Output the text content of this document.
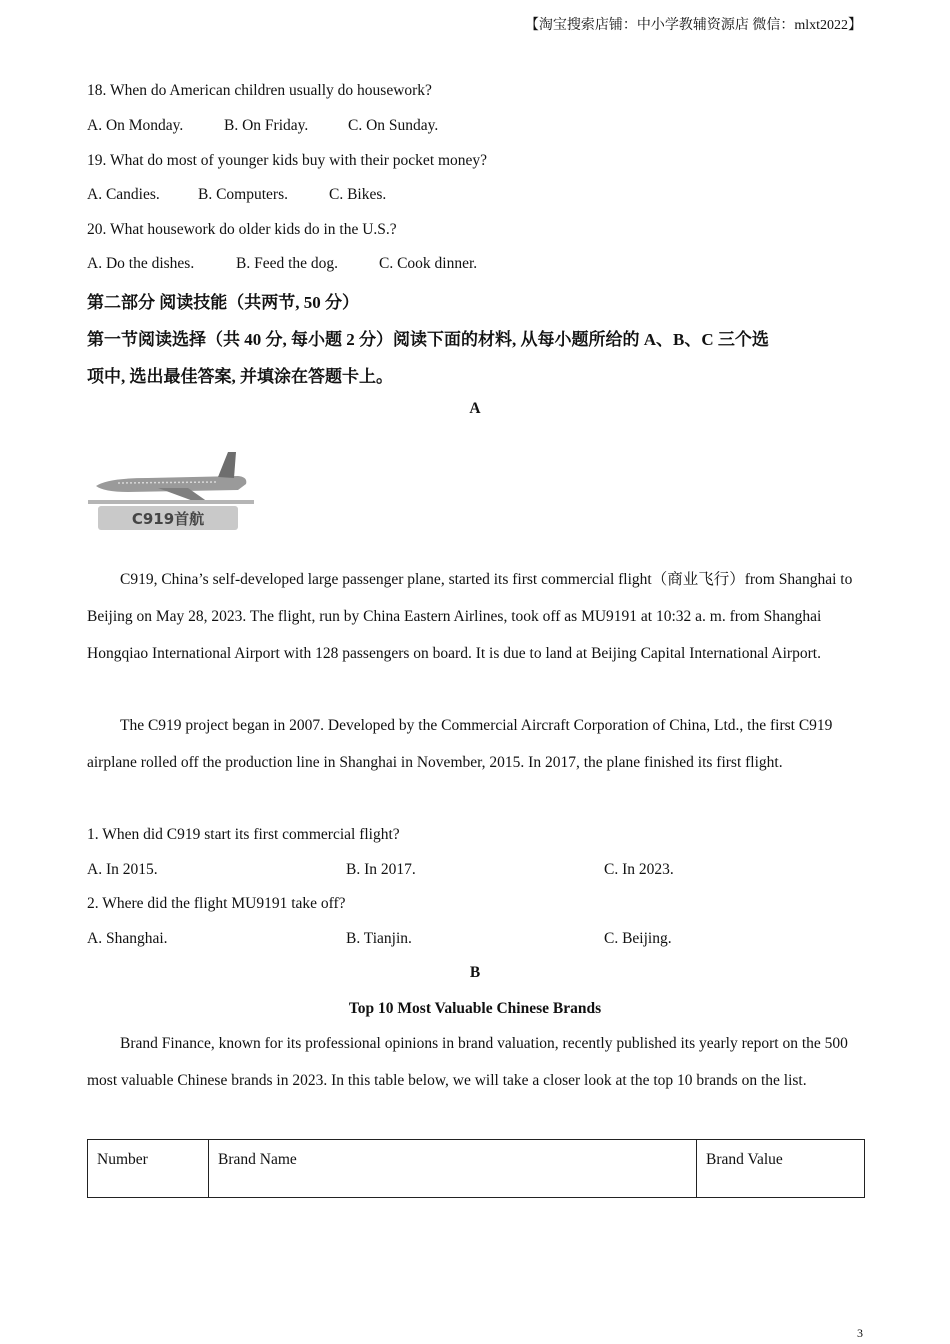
【淘宝搜索店铺：中小学教辅资源店 微信：mlxt2022】
18. When do American children usually do housework?
A. On Monday.	B. On Friday.	C. On Sunday.
19. What do most of younger kids buy with their pocket money?
A. Candies. B. Computers.	C. Bikes.
20. What housework do older kids do in the U.S.?
A. Do the dishes.	B. Feed the dog.	C. Cook dinner.
第二部分 阅读技能（共两节, 50 分）
第一节阅读选择（共 40 分, 每小题 2 分）阅读下面的材料, 从每小题所给的 A、B、C 三个选
项中, 选出最佳答案, 并填涂在答题卡上。
A
C919首航
C919, China’s self-developed large passenger plane, started its first commercial flight（商业飞行）from Shanghai to Beijing on May 28, 2023. The flight, run by China Eastern Airlines, took off as MU9191 at 10:32 a. m. from Shanghai Hongqiao International Airport with 128 passengers on board. It is due to land at Beijing Capital International Airport.
The C919 project began in 2007. Developed by the Commercial Aircraft Corporation of China, Ltd., the first C919 airplane rolled off the production line in Shanghai in November, 2015. In 2017, the plane finished its first flight.
1. When did C919 start its first commercial flight?
A. In 2015.	B. In 2017.	C. In 2023.
2. Where did the flight MU9191 take off?
A. Shanghai.	B. Tianjin.	C. Beijing.
B
Top 10 Most Valuable Chinese Brands
Brand Finance, known for its professional opinions in brand valuation, recently published its yearly report on the 500 most valuable Chinese brands in 2023. In this table below, we will take a closer look at the top 10 brands on the list.
Number	Brand Name	Brand Value
3
